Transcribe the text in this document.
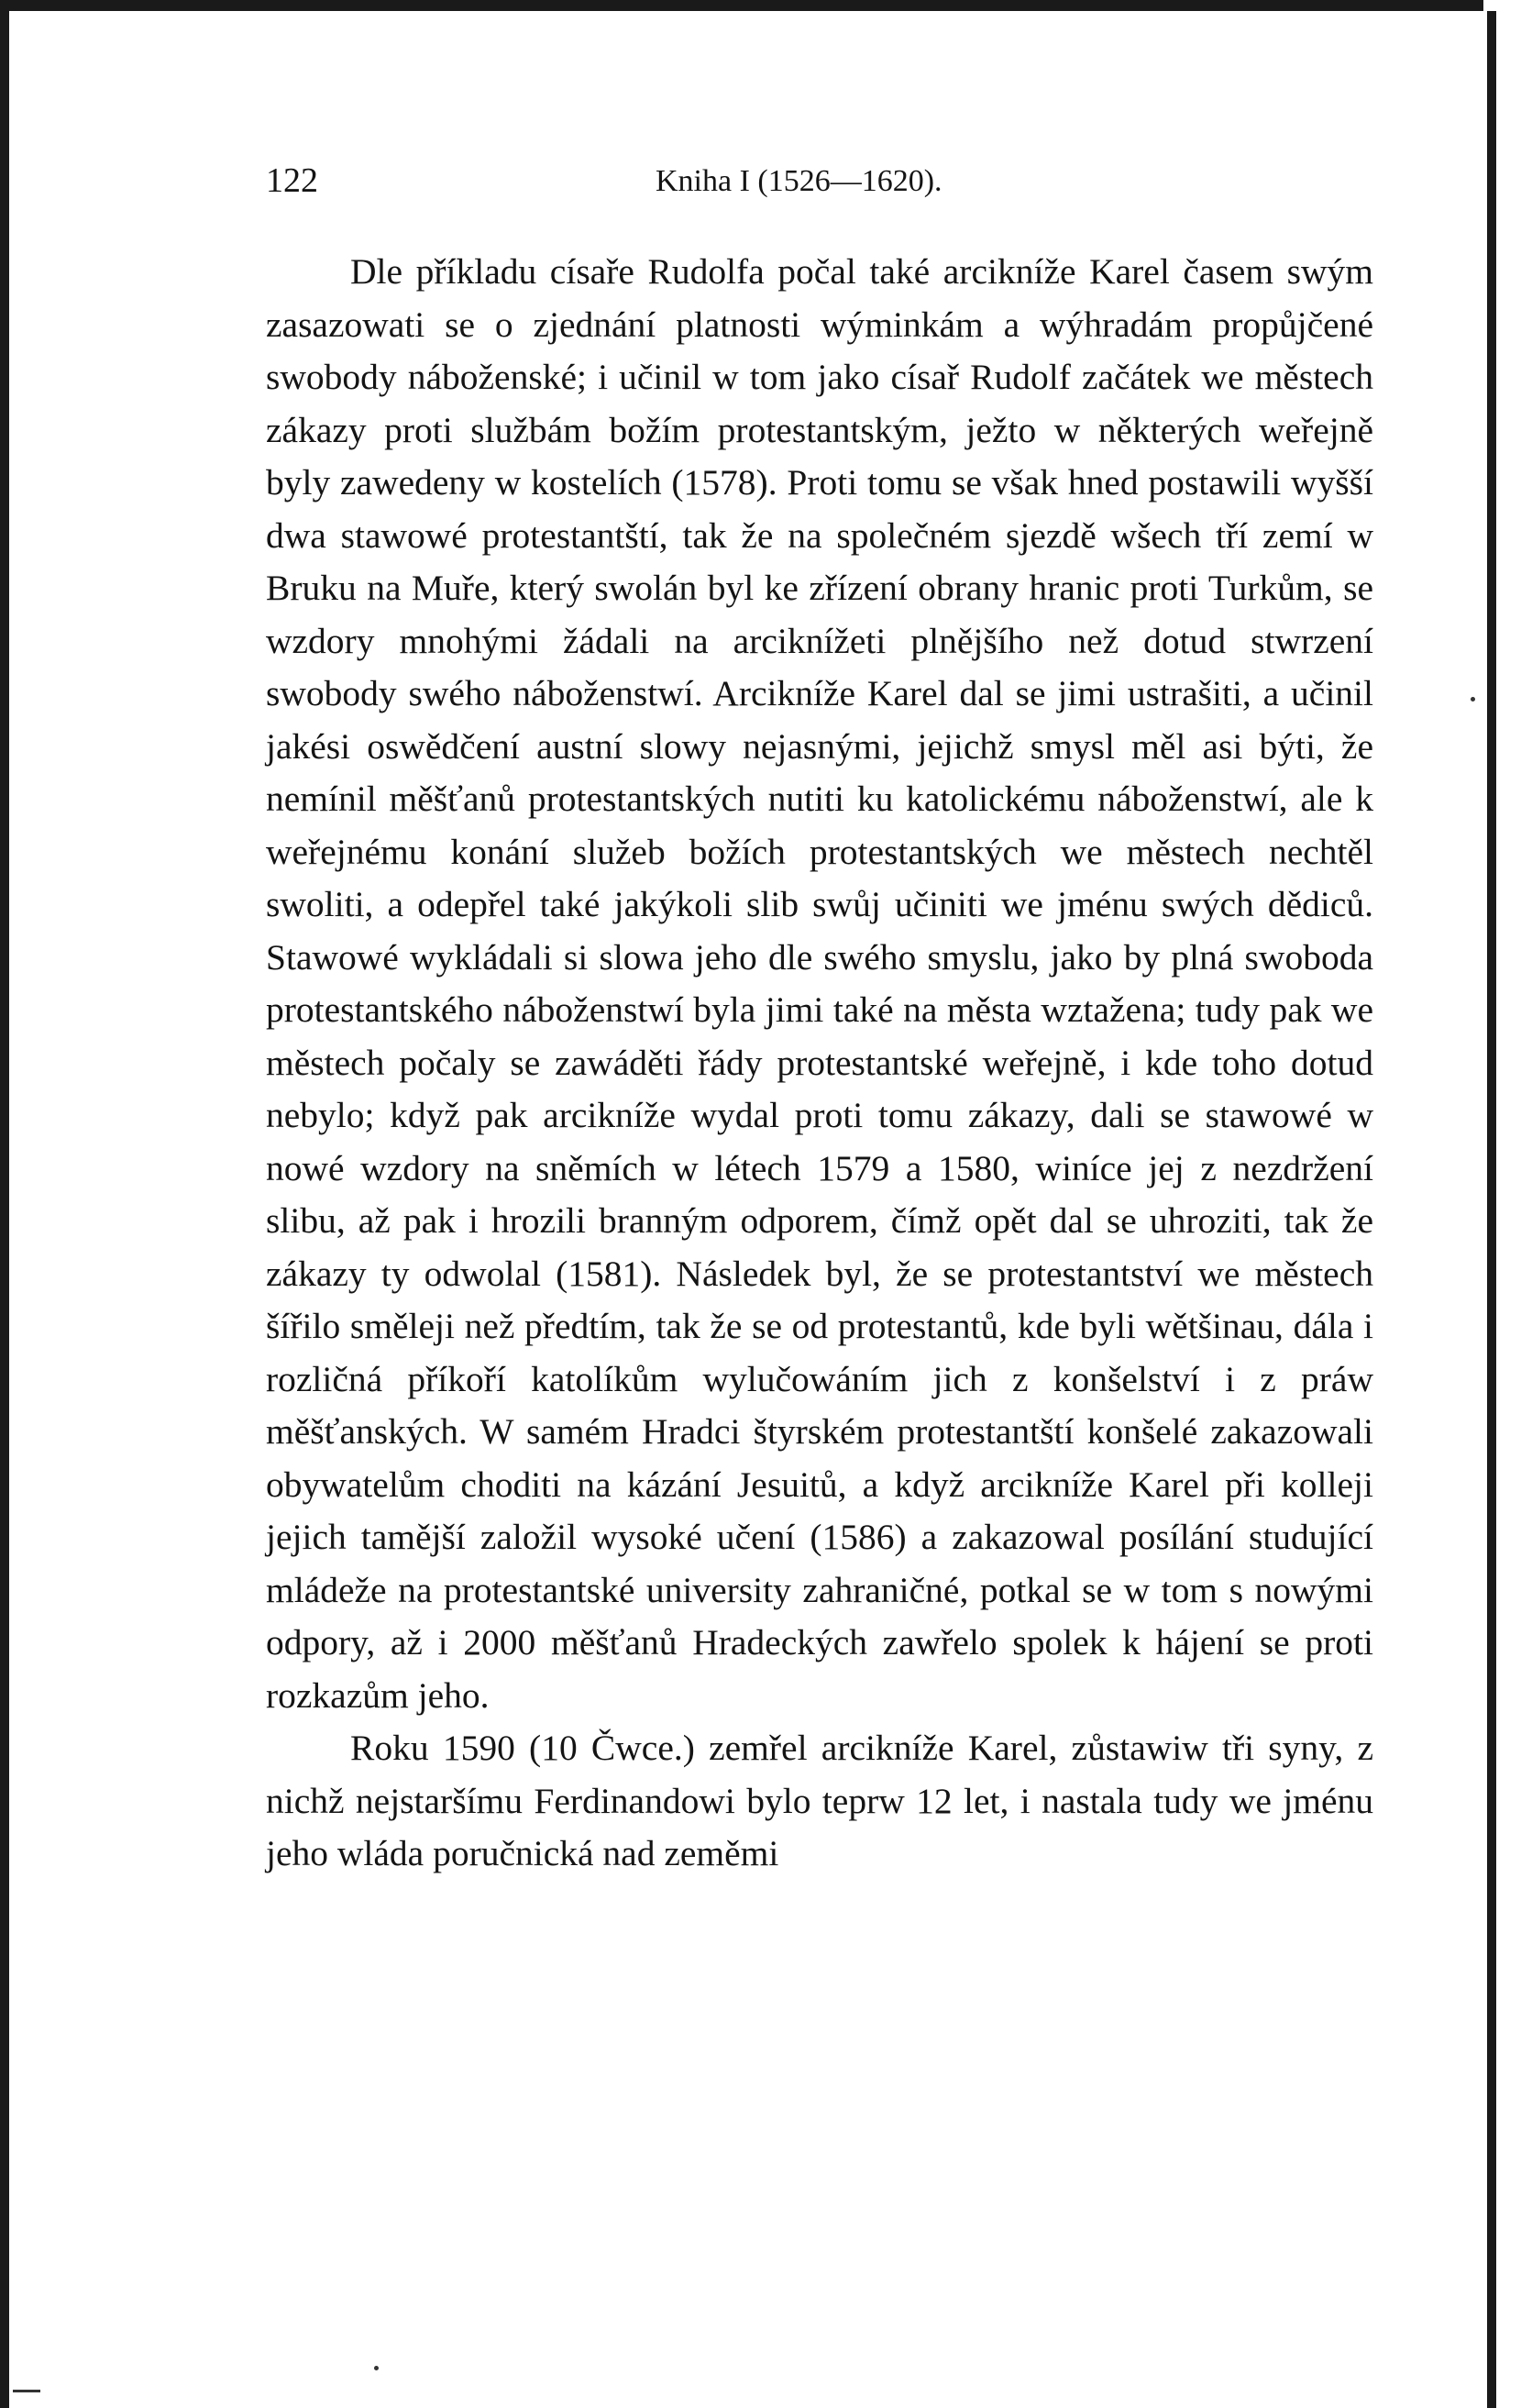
122	Kniha I (1526—1620).

Dle příkladu císaře Rudolfa počal také arcikníže Karel časem swým zasazowati se o zjednání platnosti wýminkám a wýhradám propůjčené swobody náboženské; i učinil w tom jako císař Rudolf začátek we městech zákazy proti službám božím protestantským, ježto w některých weřejně byly zawedeny w kostelích (1578). Proti tomu se však hned postawili wyšší dwa stawowé protestantští, tak že na společném sjezdě wšech tří zemí w Bruku na Muře, který swolán byl ke zřízení obrany hranic proti Turkům, se wzdory mnohými žádali na arciknížeti plnějšího než dotud stwrzení swobody swého náboženstwí. Arcikníže Karel dal se jimi ustrašiti, a učinil jakési oswědčení austní slowy nejasnými, jejichž smysl měl asi býti, že nemínil měšťanů protestantských nutiti ku katolickému náboženstwí, ale k weřejnému konání služeb božích protestantských we městech nechtěl swoliti, a odepřel také jakýkoli slib swůj učiniti we jménu swých dědiců. Stawowé wykládali si slowa jeho dle swého smyslu, jako by plná swoboda protestantského náboženstwí byla jimi také na města wztažena; tudy pak we městech počaly se zawáděti řády protestantské weřejně, i kde toho dotud nebylo; když pak arcikníže wydal proti tomu zákazy, dali se stawowé w nowé wzdory na sněmích w létech 1579 a 1580, winíce jej z nezdržení slibu, až pak i hrozili branným odporem, čímž opět dal se uhroziti, tak že zákazy ty odwolal (1581). Následek byl, že se protestantství we městech šířilo směleji než předtím, tak že se od protestantů, kde byli wětšinau, dála i rozličná příkoří katolíkům wylučowáním jich z konšelství i z práw měšťanských. W samém Hradci štyrském protestantští konšelé zakazowali obywatelům choditi na kázání Jesuitů, a když arcikníže Karel při kolleji jejich tamější založil wysoké učení (1586) a zakazowal posílání studující mládeže na protestantské university zahraničné, potkal se w tom s nowými odpory, až i 2000 měšťanů Hradeckých zawřelo spolek k hájení se proti rozkazům jeho.

Roku 1590 (10 Čwce.) zemřel arcikníže Karel, zůstawiw tři syny, z nichž nejstaršímu Ferdinandowi bylo teprw 12 let, i nastala tudy we jménu jeho wláda poručnická nad zeměmi
